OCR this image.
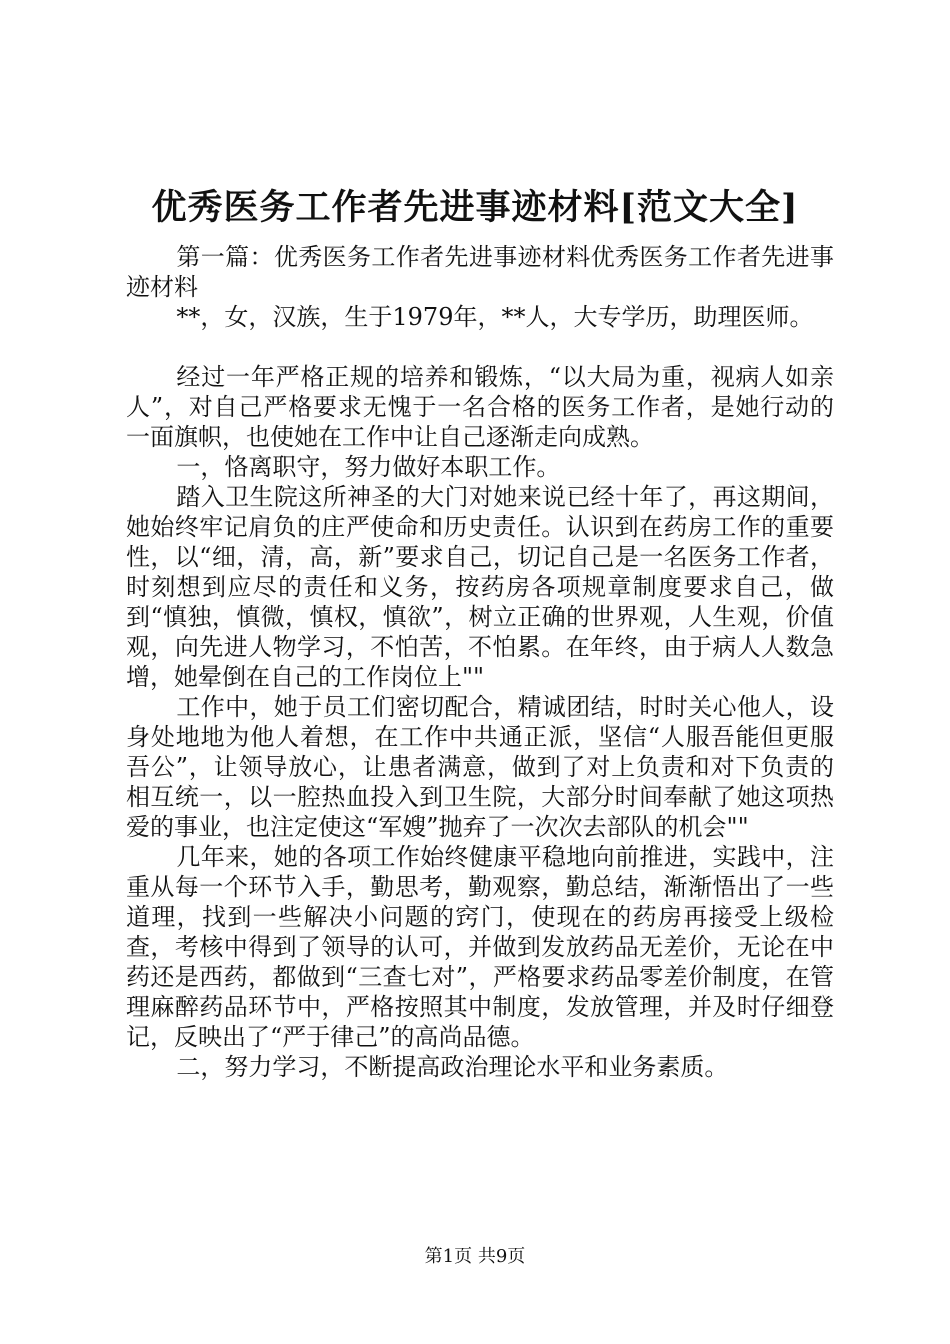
优秀医务工作者先进事迹材料[范文大全]

第一篇：优秀医务工作者先进事迹材料优秀医务工作者先进事迹材料

**，女，汉族，生于1979年，**人，大专学历，助理医师。

经过一年严格正规的培养和锻炼，“以大局为重，视病人如亲人”，对自己严格要求无愧于一名合格的医务工作者，是她行动的一面旗帜，也使她在工作中让自己逐渐走向成熟。

一，恪离职守，努力做好本职工作。

踏入卫生院这所神圣的大门对她来说已经十年了，再这期间，她始终牢记肩负的庄严使命和历史责任。认识到在药房工作的重要性，以“细，清，高，新”要求自己，切记自己是一名医务工作者，时刻想到应尽的责任和义务，按药房各项规章制度要求自己，做到“慎独，慎微，慎权，慎欲”，树立正确的世界观，人生观，价值观，向先进人物学习，不怕苦，不怕累。在年终，由于病人人数急增，她晕倒在自己的工作岗位上""

工作中，她于员工们密切配合，精诚团结，时时关心他人，设身处地地为他人着想，在工作中共通正派，坚信“人服吾能但更服吾公”，让领导放心，让患者满意，做到了对上负责和对下负责的相互统一，以一腔热血投入到卫生院，大部分时间奉献了她这项热爱的事业，也注定使这“军嫂”抛弃了一次次去部队的机会""

几年来，她的各项工作始终健康平稳地向前推进，实践中，注重从每一个环节入手，勤思考，勤观察，勤总结，渐渐悟出了一些道理，找到一些解决小问题的窍门，使现在的药房再接受上级检查，考核中得到了领导的认可，并做到发放药品无差价，无论在中药还是西药，都做到“三查七对”，严格要求药品零差价制度，在管理麻醉药品环节中，严格按照其中制度，发放管理，并及时仔细登记，反映出了“严于律己”的高尚品德。

二，努力学习，不断提高政治理论水平和业务素质。

第1页 共9页
